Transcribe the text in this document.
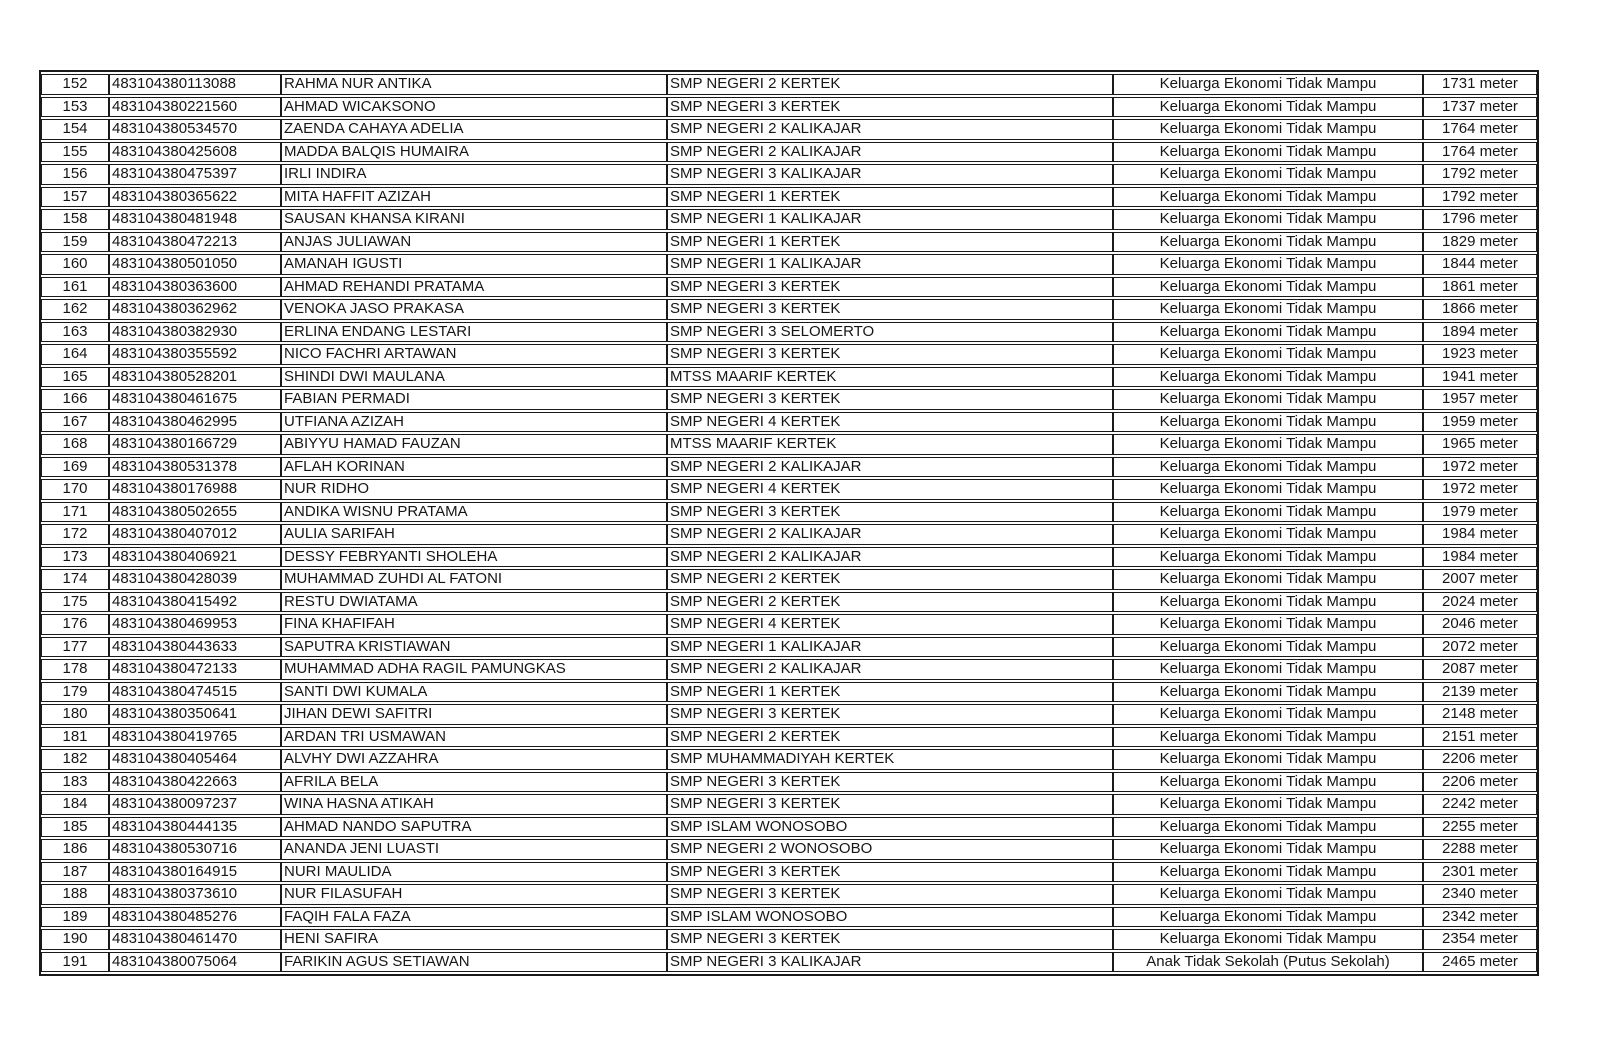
152	483104380113088	RAHMA NUR ANTIKA	SMP NEGERI 2 KERTEK	Keluarga Ekonomi Tidak Mampu	1731 meter
153	483104380221560	AHMAD WICAKSONO	SMP NEGERI 3 KERTEK	Keluarga Ekonomi Tidak Mampu	1737 meter
154	483104380534570	ZAENDA CAHAYA ADELIA	SMP NEGERI 2 KALIKAJAR	Keluarga Ekonomi Tidak Mampu	1764 meter
155	483104380425608	MADDA BALQIS HUMAIRA	SMP NEGERI 2 KALIKAJAR	Keluarga Ekonomi Tidak Mampu	1764 meter
156	483104380475397	IRLI INDIRA	SMP NEGERI 3 KALIKAJAR	Keluarga Ekonomi Tidak Mampu	1792 meter
157	483104380365622	MITA HAFFIT AZIZAH	SMP NEGERI 1 KERTEK	Keluarga Ekonomi Tidak Mampu	1792 meter
158	483104380481948	SAUSAN KHANSA KIRANI	SMP NEGERI 1 KALIKAJAR	Keluarga Ekonomi Tidak Mampu	1796 meter
159	483104380472213	ANJAS JULIAWAN	SMP NEGERI 1 KERTEK	Keluarga Ekonomi Tidak Mampu	1829 meter
160	483104380501050	AMANAH IGUSTI	SMP NEGERI 1 KALIKAJAR	Keluarga Ekonomi Tidak Mampu	1844 meter
161	483104380363600	AHMAD REHANDI PRATAMA	SMP NEGERI 3 KERTEK	Keluarga Ekonomi Tidak Mampu	1861 meter
162	483104380362962	VENOKA JASO PRAKASA	SMP NEGERI 3 KERTEK	Keluarga Ekonomi Tidak Mampu	1866 meter
163	483104380382930	ERLINA ENDANG LESTARI	SMP NEGERI 3 SELOMERTO	Keluarga Ekonomi Tidak Mampu	1894 meter
164	483104380355592	NICO FACHRI ARTAWAN	SMP NEGERI 3 KERTEK	Keluarga Ekonomi Tidak Mampu	1923 meter
165	483104380528201	SHINDI DWI MAULANA	MTSS MAARIF KERTEK	Keluarga Ekonomi Tidak Mampu	1941 meter
166	483104380461675	FABIAN PERMADI	SMP NEGERI 3 KERTEK	Keluarga Ekonomi Tidak Mampu	1957 meter
167	483104380462995	UTFIANA AZIZAH	SMP NEGERI 4 KERTEK	Keluarga Ekonomi Tidak Mampu	1959 meter
168	483104380166729	ABIYYU HAMAD FAUZAN	MTSS MAARIF KERTEK	Keluarga Ekonomi Tidak Mampu	1965 meter
169	483104380531378	AFLAH KORINAN	SMP NEGERI 2 KALIKAJAR	Keluarga Ekonomi Tidak Mampu	1972 meter
170	483104380176988	NUR RIDHO	SMP NEGERI 4 KERTEK	Keluarga Ekonomi Tidak Mampu	1972 meter
171	483104380502655	ANDIKA WISNU PRATAMA	SMP NEGERI 3 KERTEK	Keluarga Ekonomi Tidak Mampu	1979 meter
172	483104380407012	AULIA SARIFAH	SMP NEGERI 2 KALIKAJAR	Keluarga Ekonomi Tidak Mampu	1984 meter
173	483104380406921	DESSY FEBRYANTI SHOLEHA	SMP NEGERI 2 KALIKAJAR	Keluarga Ekonomi Tidak Mampu	1984 meter
174	483104380428039	MUHAMMAD ZUHDI AL FATONI	SMP NEGERI 2 KERTEK	Keluarga Ekonomi Tidak Mampu	2007 meter
175	483104380415492	RESTU DWIATAMA	SMP NEGERI 2 KERTEK	Keluarga Ekonomi Tidak Mampu	2024 meter
176	483104380469953	FINA KHAFIFAH	SMP NEGERI 4 KERTEK	Keluarga Ekonomi Tidak Mampu	2046 meter
177	483104380443633	SAPUTRA KRISTIAWAN	SMP NEGERI 1 KALIKAJAR	Keluarga Ekonomi Tidak Mampu	2072 meter
178	483104380472133	MUHAMMAD ADHA RAGIL PAMUNGKAS	SMP NEGERI 2 KALIKAJAR	Keluarga Ekonomi Tidak Mampu	2087 meter
179	483104380474515	SANTI DWI KUMALA	SMP NEGERI 1 KERTEK	Keluarga Ekonomi Tidak Mampu	2139 meter
180	483104380350641	JIHAN DEWI SAFITRI	SMP NEGERI 3 KERTEK	Keluarga Ekonomi Tidak Mampu	2148 meter
181	483104380419765	ARDAN TRI USMAWAN	SMP NEGERI 2 KERTEK	Keluarga Ekonomi Tidak Mampu	2151 meter
182	483104380405464	ALVHY DWI AZZAHRA	SMP MUHAMMADIYAH KERTEK	Keluarga Ekonomi Tidak Mampu	2206 meter
183	483104380422663	AFRILA BELA	SMP NEGERI 3 KERTEK	Keluarga Ekonomi Tidak Mampu	2206 meter
184	483104380097237	WINA HASNA ATIKAH	SMP NEGERI 3 KERTEK	Keluarga Ekonomi Tidak Mampu	2242 meter
185	483104380444135	AHMAD NANDO SAPUTRA	SMP ISLAM WONOSOBO	Keluarga Ekonomi Tidak Mampu	2255 meter
186	483104380530716	ANANDA JENI LUASTI	SMP NEGERI 2 WONOSOBO	Keluarga Ekonomi Tidak Mampu	2288 meter
187	483104380164915	NURI MAULIDA	SMP NEGERI 3 KERTEK	Keluarga Ekonomi Tidak Mampu	2301 meter
188	483104380373610	NUR FILASUFAH	SMP NEGERI 3 KERTEK	Keluarga Ekonomi Tidak Mampu	2340 meter
189	483104380485276	FAQIH FALA FAZA	SMP ISLAM WONOSOBO	Keluarga Ekonomi Tidak Mampu	2342 meter
190	483104380461470	HENI SAFIRA	SMP NEGERI 3 KERTEK	Keluarga Ekonomi Tidak Mampu	2354 meter
191	483104380075064	FARIKIN AGUS SETIAWAN	SMP NEGERI 3 KALIKAJAR	Anak Tidak Sekolah (Putus Sekolah)	2465 meter
